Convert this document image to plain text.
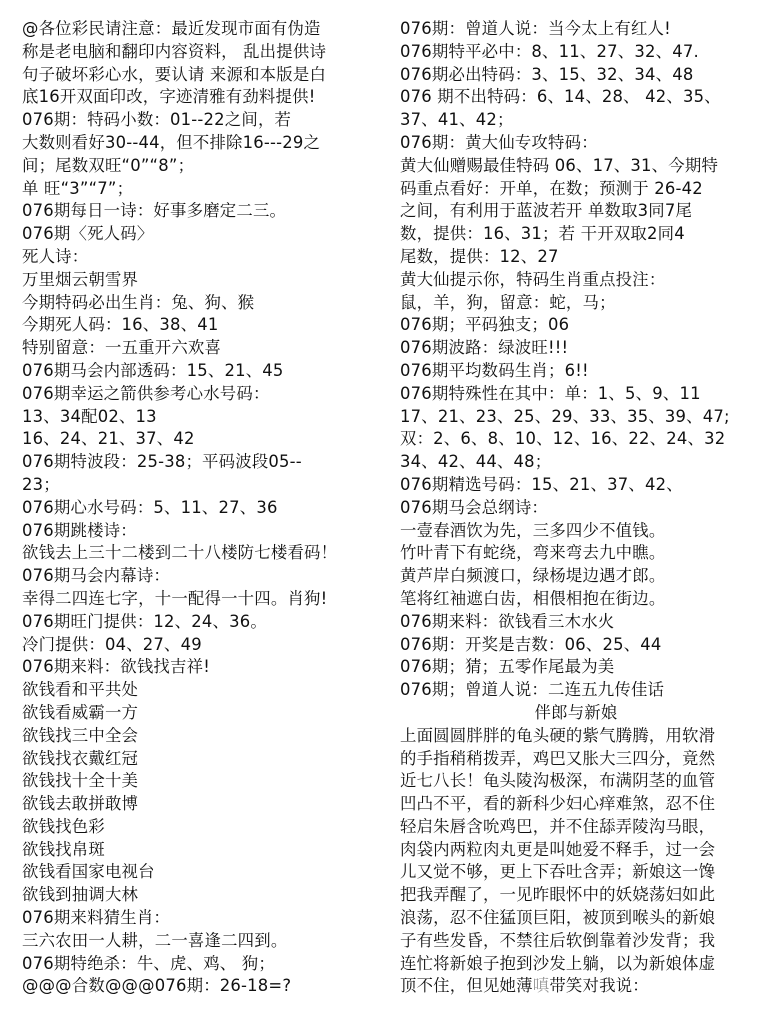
@各位彩民请注意：最近发现市面有伪造
称是老电脑和翻印内容资料， 乱出提供诗
句子破坏彩心水，要认请 来源和本版是白
底16开双面印改，字迹清雅有劲料提供!
076期：特码小数：01--22之间，若
大数则看好30--44，但不排除16---29之
间；尾数双旺“0”“8”；
单 旺“3”“7”；
076期每日一诗：好事多磨定二三。
076期〈死人码〉
死人诗：
万里烟云朝雪界
今期特码必出生肖：兔、狗、猴
今期死人码：16、38、41
特别留意：一五重开六欢喜
076期马会内部透码：15、21、45
076期幸运之箭供参考心水号码：
13、34配02、13
16、24、21、37、42
076期特波段：25-38；平码波段05--
23；
076期心水号码：5、11、27、36
076期跳楼诗：
欲钱去上三十二楼到二十八楼防七楼看码！
076期马会内幕诗：
幸得二四连七字，十一配得一十四。肖狗!
076期旺门提供：12、24、36。
冷门提供：04、27、49
076期来料：欲钱找吉祥!
欲钱看和平共处
欲钱看威霸一方
欲钱找三中全会
欲钱找衣戴红冠
欲钱找十全十美
欲钱去敢拼敢博
欲钱找色彩
欲钱找帛斑
欲钱看国家电视台
欲钱到抽调大林
076期来料猜生肖：
三六农田一人耕，二一喜逢二四到。
076期特绝杀：牛、虎、鸡、 狗；
@@@合数@@@076期：26-18=?
076期：曾道人说：当今太上有红人!
076期特平必中：8、11、27、32、47.
076期必出特码：3、15、32、34、48
076 期不出特码：6、14、28、 42、35、
37、41、42；
076期：黄大仙专攻特码：
黄大仙赠赐最佳特码 06、17、31、今期特
码重点看好：开单，在数；预测于 26-42
之间，有利用于蓝波若开 单数取3同7尾
数，提供：16、31；若 干开双取2同4
尾数，提供：12、27
黄大仙提示你，特码生肖重点投注：
鼠，羊，狗，留意：蛇，马；
076期；平码独支；06
076期波路：绿波旺!!!
076期平均数码生肖；6!!
076期特殊性在其中：单：1、5、9、11
17、21、23、25、29、33、35、39、47;
双：2、6、8、10、12、16、22、24、32
34、42、44、48；
076期精选号码：15、21、37、42、
076期马会总纲诗：
一壹春酒饮为先，三多四少不值钱。
竹叶青下有蛇绕，弯来弯去九中瞧。
黄芦岸白频渡口，绿杨堤边遇才郎。
笔将红袖遮白齿，相偎相抱在街边。
076期来料：欲钱看三木水火
076期：开奖是吉数：06、25、44
076期；猜；五零作尾最为美
076期；曾道人说：二连五九传佳话
伴郎与新娘
上面圆圆胖胖的龟头硬的紫气腾腾，用软滑
的手指稍稍拨弄，鸡巴又胀大三四分，竟然
近七八长！龟头陵沟极深，布满阴茎的血管
凹凸不平，看的新科少妇心痒难煞，忍不住
轻启朱唇含吮鸡巴，并不住舔弄陵沟马眼，
肉袋内两粒肉丸更是叫她爱不释手，过一会
儿又觉不够，更上下吞吐含弄；新娘这一馋
把我弄醒了，一见昨眼怀中的妖娆荡妇如此
浪荡，忍不住猛顶巨阳，被顶到喉头的新娘
子有些发昏，不禁往后软倒靠着沙发背；我
连忙将新娘子抱到沙发上躺，以为新娘体虚
顶不住，但见她薄嗔带笑对我说：
